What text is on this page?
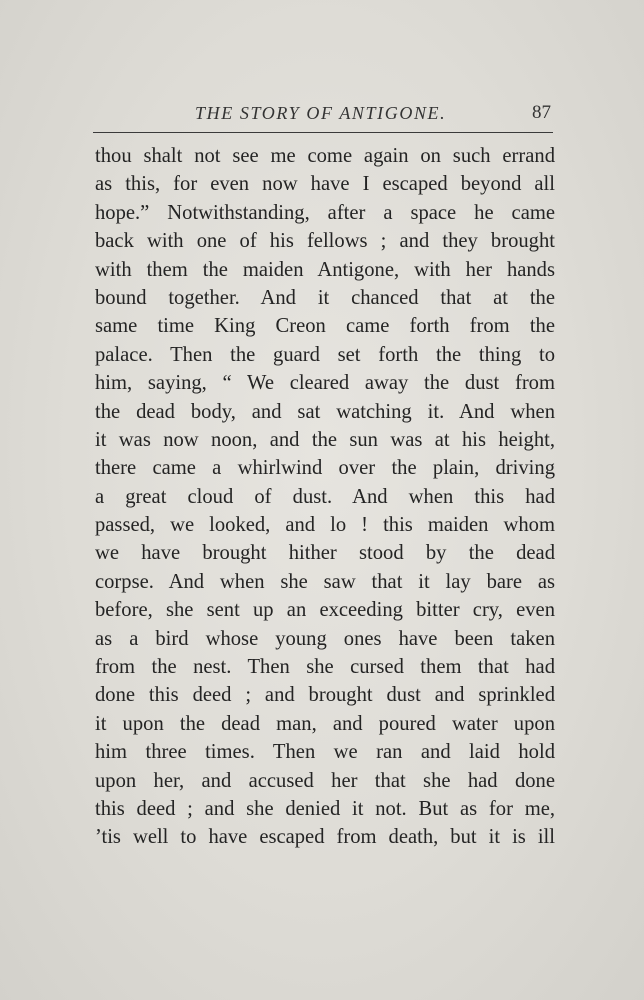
THE STORY OF ANTIGONE.	87
thou shalt not see me come again on such errand
as this, for even now have I escaped beyond all
hope.” Notwithstanding, after a space he came
back with one of his fellows ; and they brought
with them the maiden Antigone, with her hands
bound together. And it chanced that at the
same time King Creon came forth from the
palace. Then the guard set forth the thing to
him, saying, “ We cleared away the dust from
the dead body, and sat watching it. And when
it was now noon, and the sun was at his height,
there came a whirlwind over the plain, driving
a great cloud of dust. And when this had
passed, we looked, and lo ! this maiden whom
we have brought hither stood by the dead
corpse. And when she saw that it lay bare as
before, she sent up an exceeding bitter cry, even
as a bird whose young ones have been taken
from the nest. Then she cursed them that had
done this deed ; and brought dust and sprinkled
it upon the dead man, and poured water upon
him three times. Then we ran and laid hold
upon her, and accused her that she had done
this deed ; and she denied it not. But as for me,
’tis well to have escaped from death, but it is ill
